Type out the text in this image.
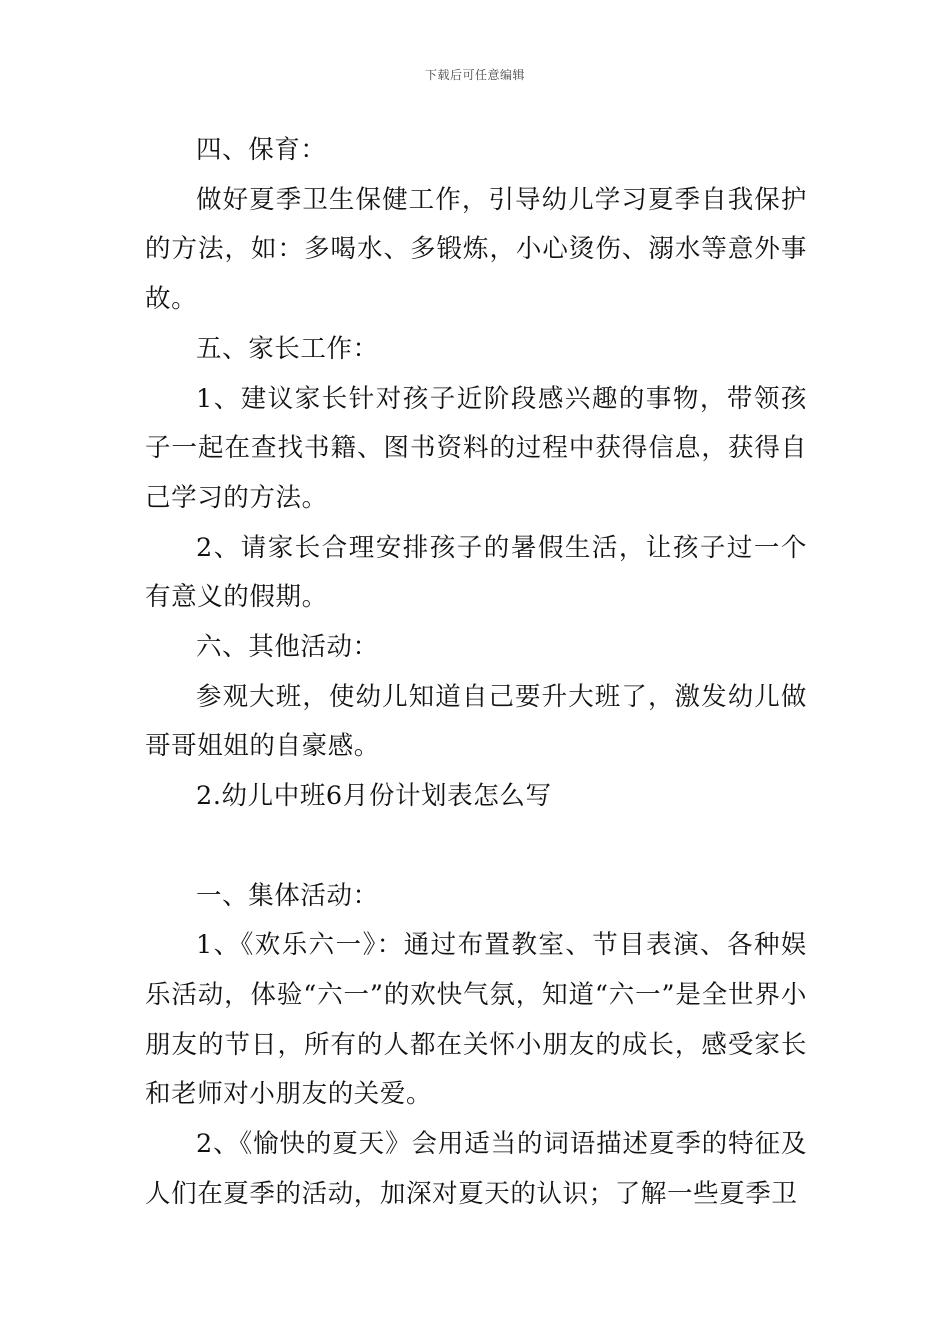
下载后可任意编辑

四、保育：

做好夏季卫生保健工作，引导幼儿学习夏季自我保护的方法，如：多喝水、多锻炼，小心烫伤、溺水等意外事故。

五、家长工作：

1、建议家长针对孩子近阶段感兴趣的事物，带领孩子一起在查找书籍、图书资料的过程中获得信息，获得自己学习的方法。

2、请家长合理安排孩子的暑假生活，让孩子过一个有意义的假期。

六、其他活动：

参观大班，使幼儿知道自己要升大班了，激发幼儿做哥哥姐姐的自豪感。

2.幼儿中班6月份计划表怎么写

一、集体活动：

1、《欢乐六一》：通过布置教室、节目表演、各种娱乐活动，体验“六一”的欢快气氛，知道“六一”是全世界小朋友的节日，所有的人都在关怀小朋友的成长，感受家长和老师对小朋友的关爱。

2、《愉快的夏天》会用适当的词语描述夏季的特征及人们在夏季的活动，加深对夏天的认识；了解一些夏季卫
